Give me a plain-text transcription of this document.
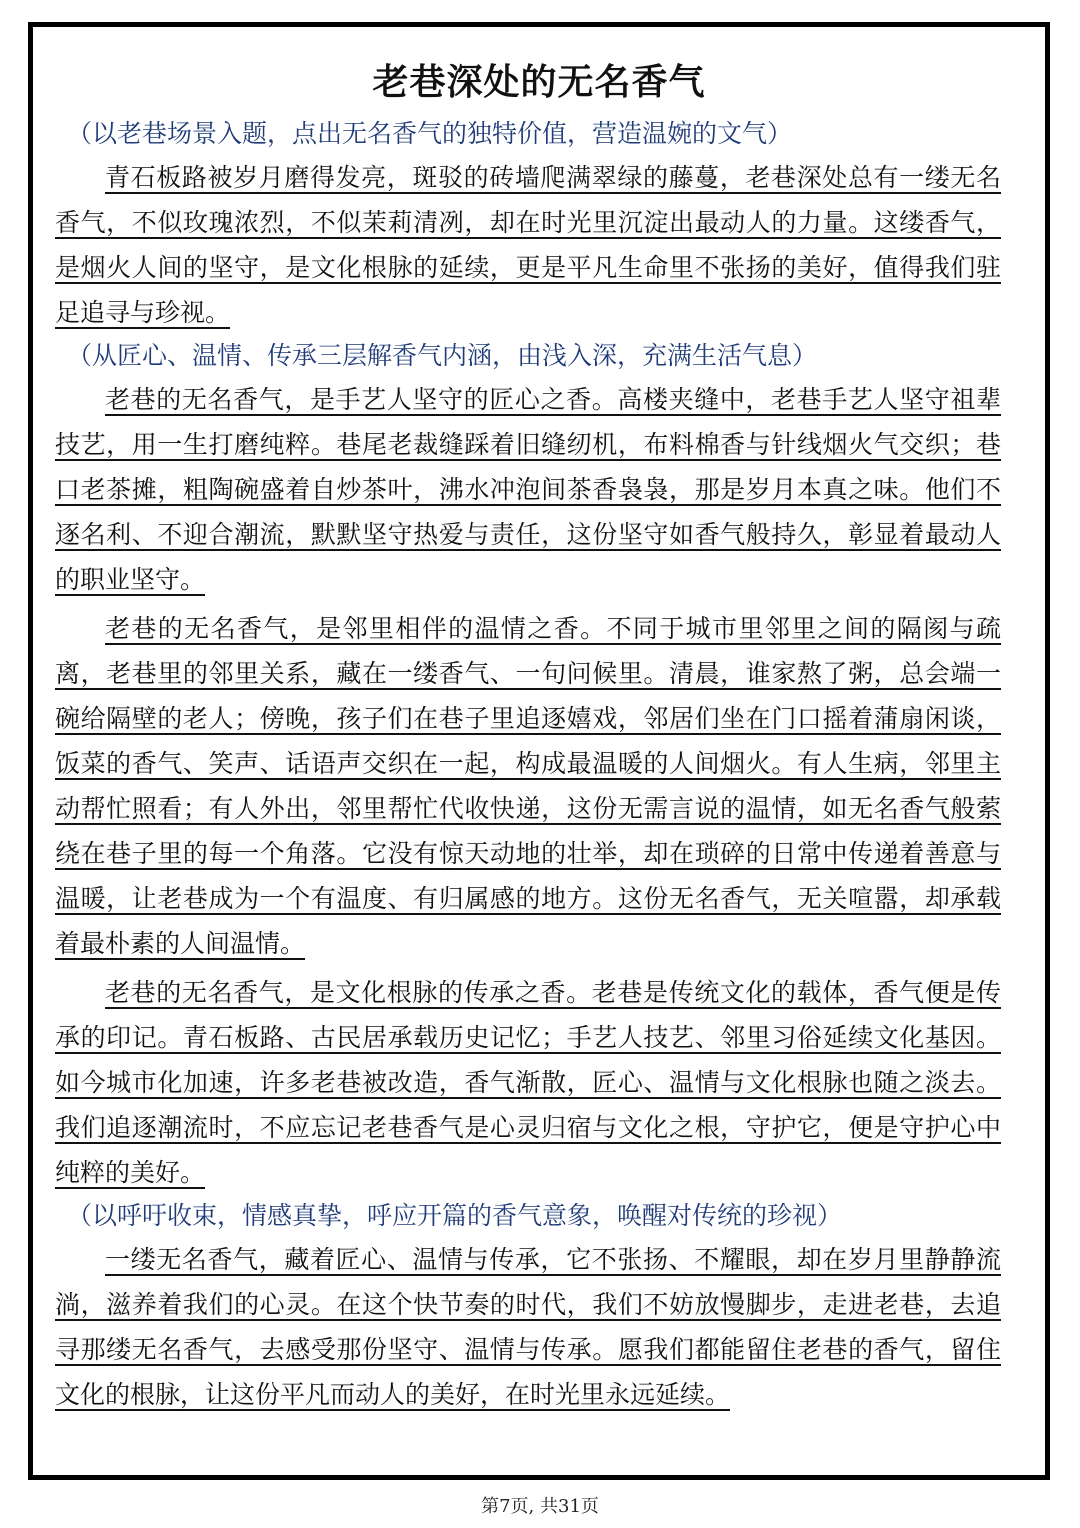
老巷深处的无名香气

（以老巷场景入题，点出无名香气的独特价值，营造温婉的文气）

青石板路被岁月磨得发亮，斑驳的砖墙爬满翠绿的藤蔓，老巷深处总有一缕无名香气，不似玫瑰浓烈，不似茉莉清冽，却在时光里沉淀出最动人的力量。这缕香气，是烟火人间的坚守，是文化根脉的延续，更是平凡生命里不张扬的美好，值得我们驻足追寻与珍视。

（从匠心、温情、传承三层解香气内涵，由浅入深，充满生活气息）

老巷的无名香气，是手艺人坚守的匠心之香。高楼夹缝中，老巷手艺人坚守祖辈技艺，用一生打磨纯粹。巷尾老裁缝踩着旧缝纫机，布料棉香与针线烟火气交织；巷口老茶摊，粗陶碗盛着自炒茶叶，沸水冲泡间茶香袅袅，那是岁月本真之味。他们不逐名利、不迎合潮流，默默坚守热爱与责任，这份坚守如香气般持久，彰显着最动人的职业坚守。

老巷的无名香气，是邻里相伴的温情之香。不同于城市里邻里之间的隔阂与疏离，老巷里的邻里关系，藏在一缕香气、一句问候里。清晨，谁家熬了粥，总会端一碗给隔壁的老人；傍晚，孩子们在巷子里追逐嬉戏，邻居们坐在门口摇着蒲扇闲谈，饭菜的香气、笑声、话语声交织在一起，构成最温暖的人间烟火。有人生病，邻里主动帮忙照看；有人外出，邻里帮忙代收快递，这份无需言说的温情，如无名香气般萦绕在巷子里的每一个角落。它没有惊天动地的壮举，却在琐碎的日常中传递着善意与温暖，让老巷成为一个有温度、有归属感的地方。这份无名香气，无关喧嚣，却承载着最朴素的人间温情。

老巷的无名香气，是文化根脉的传承之香。老巷是传统文化的载体，香气便是传承的印记。青石板路、古民居承载历史记忆；手艺人技艺、邻里习俗延续文化基因。如今城市化加速，许多老巷被改造，香气渐散，匠心、温情与文化根脉也随之淡去。我们追逐潮流时，不应忘记老巷香气是心灵归宿与文化之根，守护它，便是守护心中纯粹的美好。

（以呼吁收束，情感真挚，呼应开篇的香气意象，唤醒对传统的珍视）

一缕无名香气，藏着匠心、温情与传承，它不张扬、不耀眼，却在岁月里静静流淌，滋养着我们的心灵。在这个快节奏的时代，我们不妨放慢脚步，走进老巷，去追寻那缕无名香气，去感受那份坚守、温情与传承。愿我们都能留住老巷的香气，留住文化的根脉，让这份平凡而动人的美好，在时光里永远延续。

第7页, 共31页
